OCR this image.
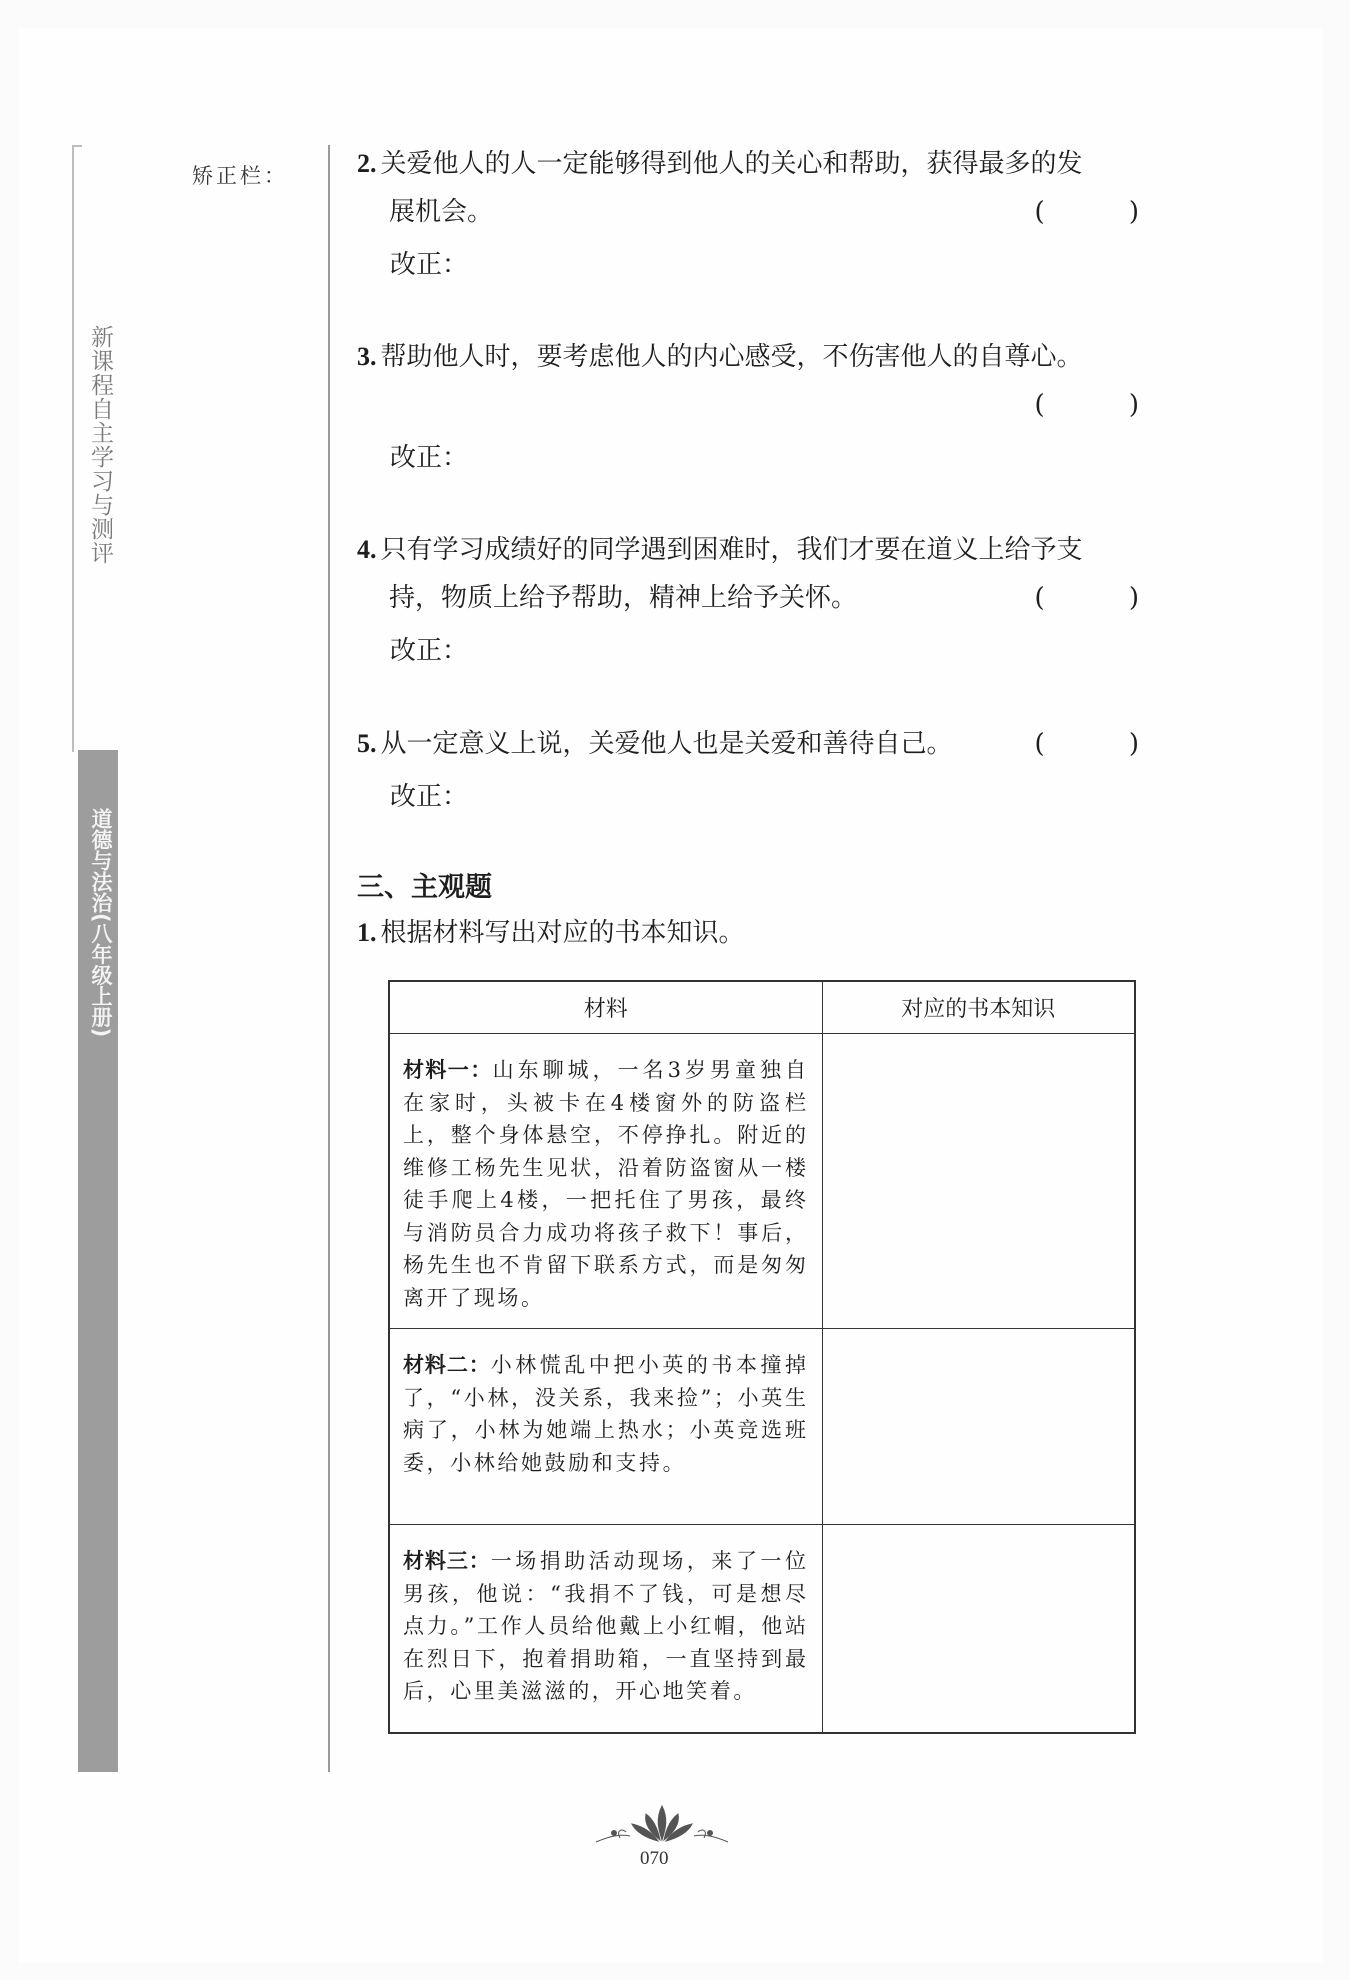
新课程自主学习与测评
道德与法治(八年级上册)
矫正栏：	2. 关爱他人的人一定能够得到他人的关心和帮助，获得最多的发
展机会。	( )
改正：
3. 帮助他人时，要考虑他人的内心感受，不伤害他人的自尊心。
( )
改正：
4. 只有学习成绩好的同学遇到困难时，我们才要在道义上给予支
持，物质上给予帮助，精神上给予关怀。	( )
改正：
5. 从一定意义上说，关爱他人也是关爱和善待自己。	( )
改正：
三、主观题
1. 根据材料写出对应的书本知识。
材料	对应的书本知识
材料一：山东聊城，一名3岁男童独自在家时，头被卡在4楼窗外的防盗栏上，整个身体悬空，不停挣扎。附近的维修工杨先生见状，沿着防盗窗从一楼徒手爬上4楼，一把托住了男孩，最终与消防员合力成功将孩子救下！事后，杨先生也不肯留下联系方式，而是匆匆离开了现场。	
材料二：小林慌乱中把小英的书本撞掉了，“小林，没关系，我来捡”；小英生病了，小林为她端上热水；小英竞选班委，小林给她鼓励和支持。	
材料三：一场捐助活动现场，来了一位男孩，他说：“我捐不了钱，可是想尽点力。”工作人员给他戴上小红帽，他站在烈日下，抱着捐助箱，一直坚持到最后，心里美滋滋的，开心地笑着。	
070
